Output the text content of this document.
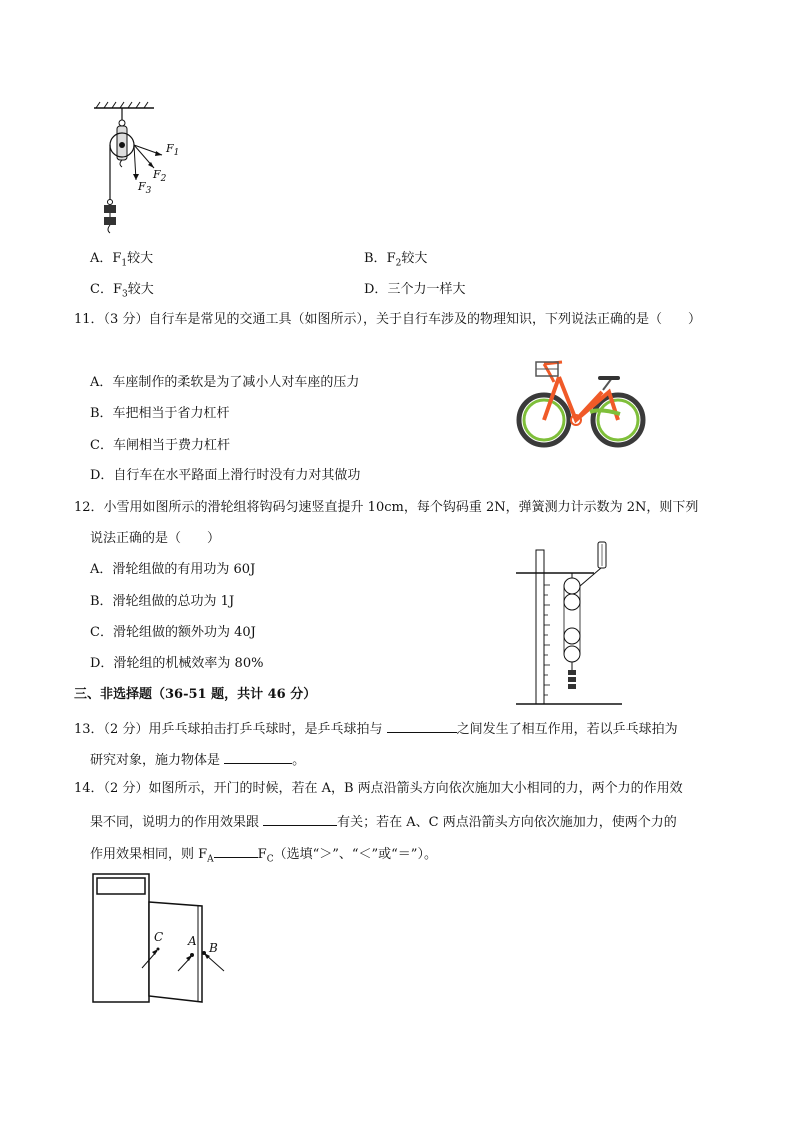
$F_1$
$F_2$
$F_3$
A．$F_1$较大	B．$F_2$较大
C．$F_3$较大	D．三个力一样大
11．（3 分）自行车是常见的交通工具（如图所示），关于自行车涉及的物理知识，下列说法正确的是（　　）
A．车座制作的柔软是为了减小人对车座的压力
B．车把相当于省力杠杆
C．车闸相当于费力杠杆
D．自行车在水平路面上滑行时没有力对其做功
12．小雪用如图所示的滑轮组将钩码匀速竖直提升 10cm，每个钩码重 2N，弹簧测力计示数为 2N，则下列
说法正确的是（　　）
A．滑轮组做的有用功为 60J
B．滑轮组做的总功为 1J
C．滑轮组做的额外功为 40J
D．滑轮组的机械效率为 80%
三、非选择题（36-51 题，共计 46 分）
13．（2 分）用乒乓球拍击打乒乓球时，是乒乓球拍与	之间发生了相互作用，若以乒乓球拍为
研究对象，施力物体是	。
14．（2 分）如图所示，开门的时候，若在 A，B 两点沿箭头方向依次施加大小相同的力，两个力的作用效
果不同，说明力的作用效果跟	有关；若在 A、C 两点沿箭头方向依次施加力，使两个力的
作用效果相同，则 $F_A$	$F_C$（选填“＞”、“＜”或“＝”）。
C A B
